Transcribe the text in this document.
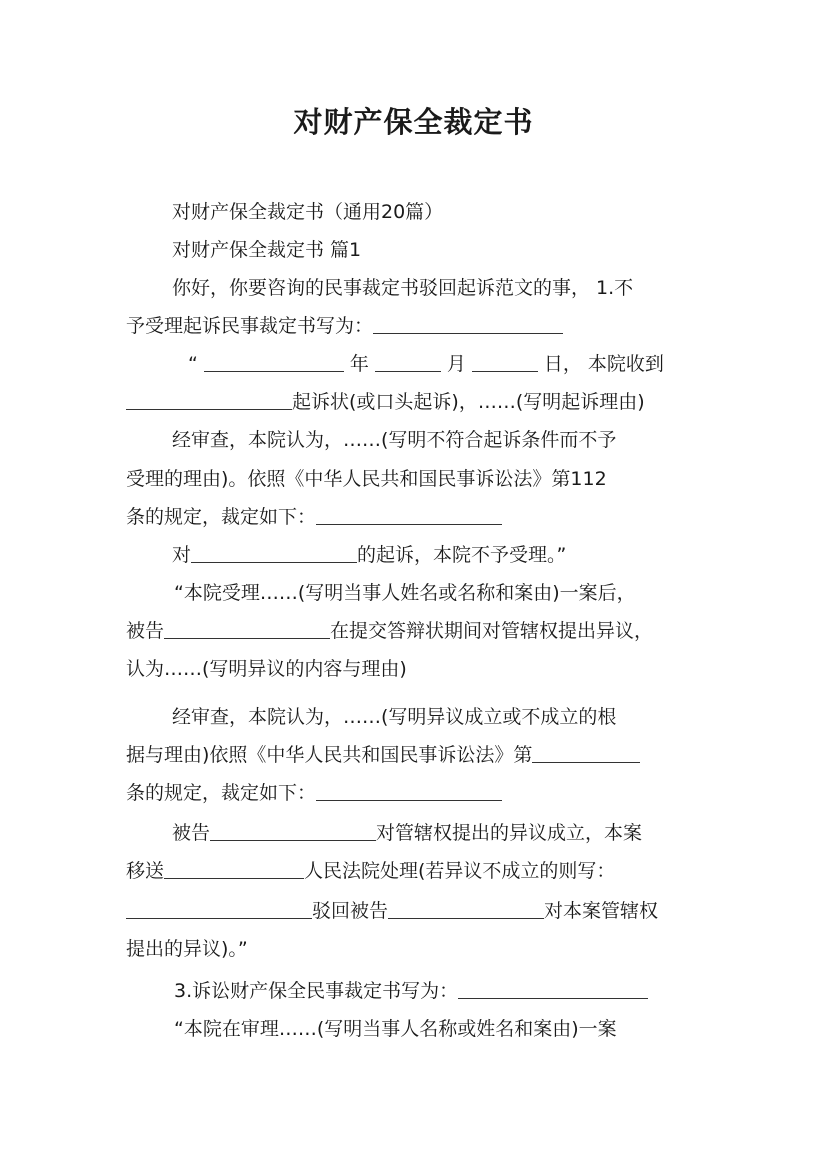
对财产保全裁定书

对财产保全裁定书（通用20篇）

对财产保全裁定书 篇1

你好，你要咨询的民事裁定书驳回起诉范文的事， 1.不

予受理起诉民事裁定书写为：

“	年	月	日， 本院收到

起诉状(或口头起诉)，……(写明起诉理由)

经审查，本院认为，……(写明不符合起诉条件而不予

受理的理由)。依照《中华人民共和国民事诉讼法》第112

条的规定，裁定如下：

对	的起诉，本院不予受理。”

“本院受理……(写明当事人姓名或名称和案由)一案后，

被告	在提交答辩状期间对管辖权提出异议，

认为……(写明异议的内容与理由)

经审查，本院认为，……(写明异议成立或不成立的根

据与理由)依照《中华人民共和国民事诉讼法》第

条的规定，裁定如下：

被告	对管辖权提出的异议成立，本案

移送	人民法院处理(若异议不成立的则写：

驳回被告	对本案管辖权

提出的异议)。”

3.诉讼财产保全民事裁定书写为：

“本院在审理……(写明当事人名称或姓名和案由)一案
